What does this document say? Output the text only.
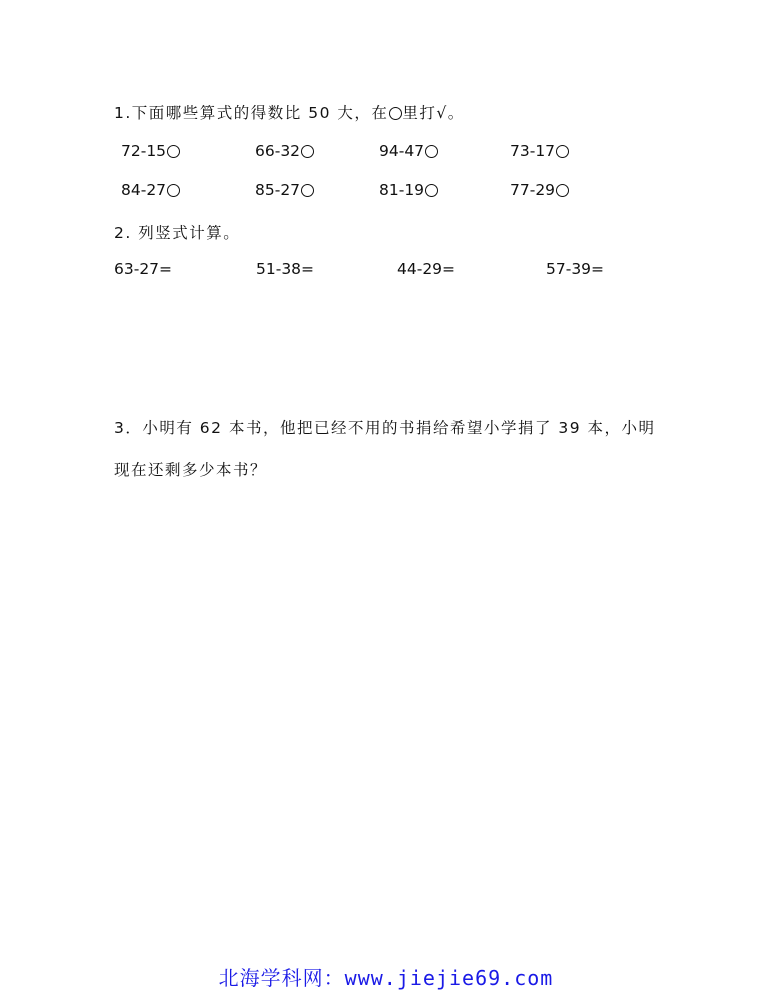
1.下面哪些算式的得数比 50 大，在 里打√。
72-15	66-32	94-47	73-17
84-27	85-27	81-19	77-29
2. 列竖式计算。
63-27=	51-38=	44-29=	57-39=
3．小明有 62 本书，他把已经不用的书捐给希望小学捐了 39 本，小明
现在还剩多少本书？
北海学科网：www.jiejie69.com
